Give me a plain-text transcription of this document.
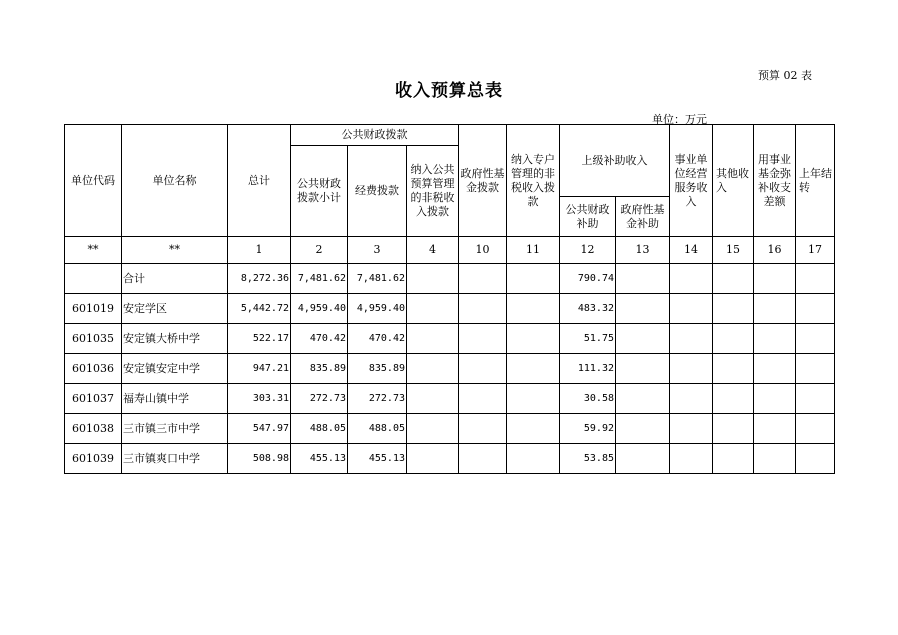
预算 02 表
收入预算总表
单位：万元
单位代码	单位名称	总计	公共财政拨款			政府性基金拨款	纳入专户管理的非税收入拨款	上级补助收入		事业单位经营服务收入	其他收入	用事业基金弥补收支差额	上年结转
			公共财政拨款小计	经费拨款	纳入公共预算管理的非税收入拨款								
								公共财政补助	政府性基金补助				
**	**	1	2	3	4	10	11	12	13	14	15	16	17
	合计	8,272.36	7,481.62	7,481.62				790.74					
601019	安定学区	5,442.72	4,959.40	4,959.40				483.32					
601035	安定镇大桥中学	522.17	470.42	470.42				51.75					
601036	安定镇安定中学	947.21	835.89	835.89				111.32					
601037	福寿山镇中学	303.31	272.73	272.73				30.58					
601038	三市镇三市中学	547.97	488.05	488.05				59.92					
601039	三市镇爽口中学	508.98	455.13	455.13				53.85					
